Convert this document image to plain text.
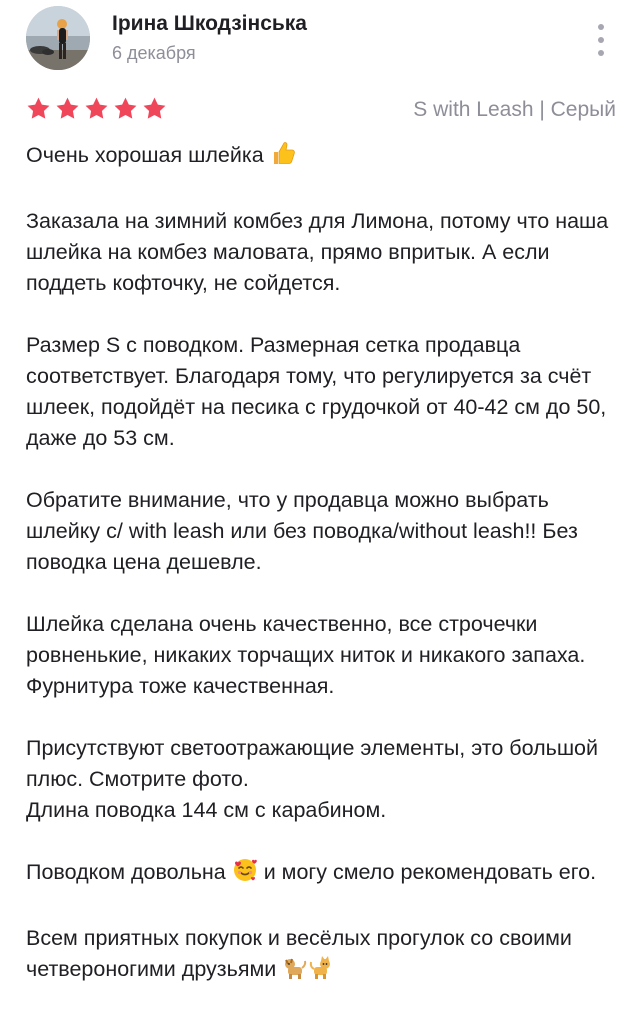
Ірина Шкодзінська
6 декабря
S with Leash | Серый

Очень хорошая шлейка

Заказала на зимний комбез для Лимона, потому что наша шлейка на комбез маловата, прямо впритык. А если поддеть кофточку, не сойдется.

Размер S с поводком. Размерная сетка продавца соответствует. Благодаря тому, что регулируется за счёт шлеек, подойдёт на песика с грудочкой от 40-42 см до 50, даже до 53 см.

Обратите внимание, что у продавца можно выбрать шлейку с/ with leash или без поводка/without leash!! Без поводка цена дешевле.

Шлейка сделана очень качественно, все строчечки ровненькие, никаких торчащих ниток и никакого запаха. Фурнитура тоже качественная.

Присутствуют светоотражающие элементы, это большой плюс. Смотрите фото.
Длина поводка 144 см с карабином.

Поводком довольна и могу смело рекомендовать его.

Всем приятных покупок и весёлых прогулок со своими четвероногими друзьями
